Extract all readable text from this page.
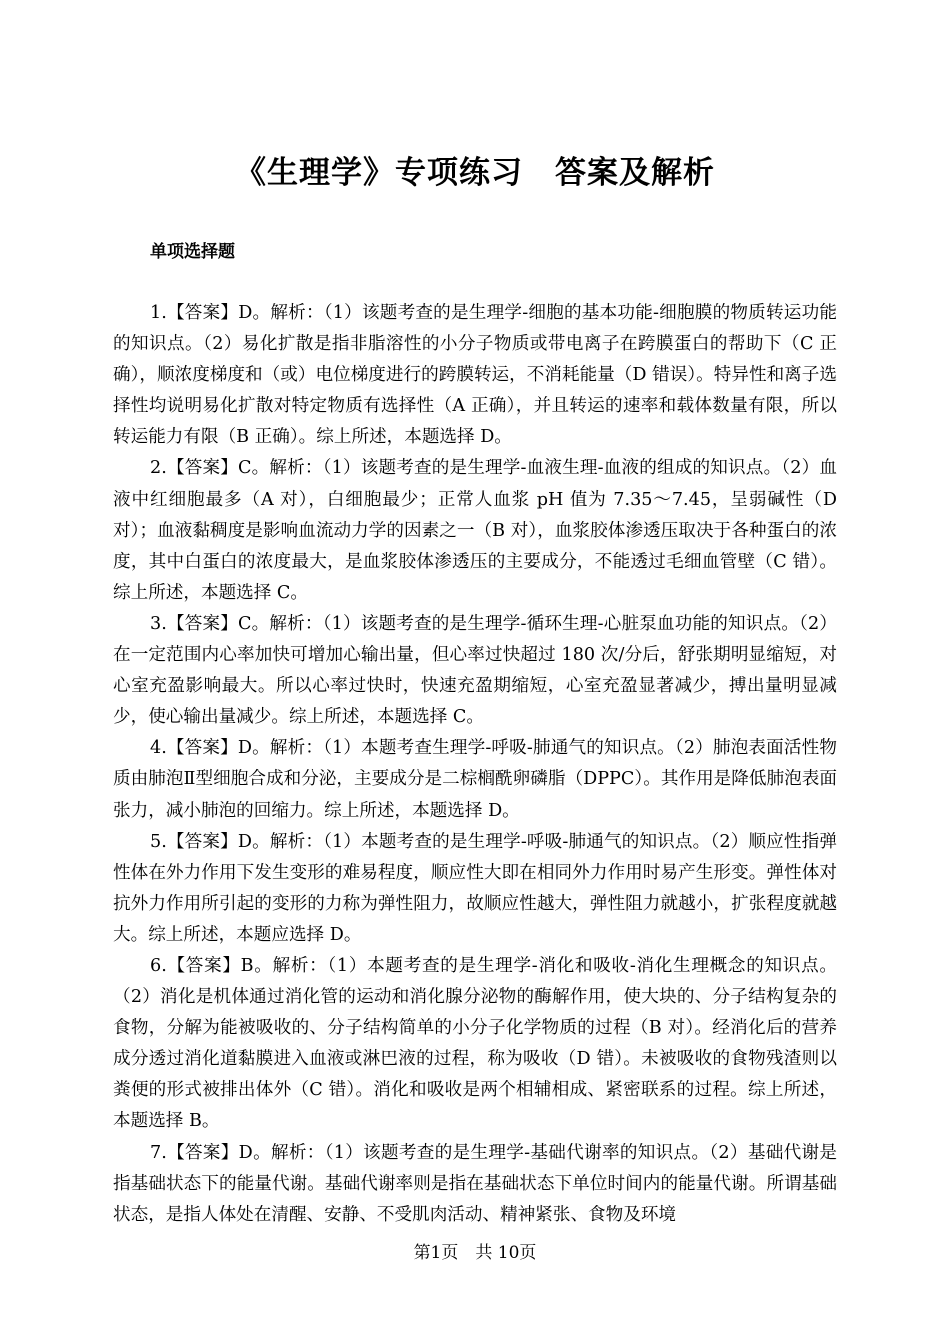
《生理学》专项练习　答案及解析
单项选择题

1.【答案】D。解析：（1）该题考查的是生理学-细胞的基本功能-细胞膜的物质转运功能的知识点。（2）易化扩散是指非脂溶性的小分子物质或带电离子在跨膜蛋白的帮助下（C 正确），顺浓度梯度和（或）电位梯度进行的跨膜转运，不消耗能量（D 错误）。特异性和离子选择性均说明易化扩散对特定物质有选择性（A 正确），并且转运的速率和载体数量有限，所以转运能力有限（B 正确）。综上所述，本题选择 D。

2.【答案】C。解析：（1）该题考查的是生理学-血液生理-血液的组成的知识点。（2）血液中红细胞最多（A 对），白细胞最少；正常人血浆 pH 值为 7.35～7.45，呈弱碱性（D 对）；血液黏稠度是影响血流动力学的因素之一（B 对），血浆胶体渗透压取决于各种蛋白的浓度，其中白蛋白的浓度最大，是血浆胶体渗透压的主要成分，不能透过毛细血管壁（C 错）。综上所述，本题选择 C。

3.【答案】C。解析：（1）该题考查的是生理学-循环生理-心脏泵血功能的知识点。（2）在一定范围内心率加快可增加心输出量，但心率过快超过 180 次/分后，舒张期明显缩短，对心室充盈影响最大。所以心率过快时，快速充盈期缩短，心室充盈显著减少，搏出量明显减少，使心输出量减少。综上所述，本题选择 C。

4.【答案】D。解析：（1）本题考查生理学-呼吸-肺通气的知识点。（2）肺泡表面活性物质由肺泡Ⅱ型细胞合成和分泌，主要成分是二棕榈酰卵磷脂（DPPC）。其作用是降低肺泡表面张力，减小肺泡的回缩力。综上所述，本题选择 D。

5.【答案】D。解析：（1）本题考查的是生理学-呼吸-肺通气的知识点。（2）顺应性指弹性体在外力作用下发生变形的难易程度，顺应性大即在相同外力作用时易产生形变。弹性体对抗外力作用所引起的变形的力称为弹性阻力，故顺应性越大，弹性阻力就越小，扩张程度就越大。综上所述，本题应选择 D。

6.【答案】B。解析：（1）本题考查的是生理学-消化和吸收-消化生理概念的知识点。（2）消化是机体通过消化管的运动和消化腺分泌物的酶解作用，使大块的、分子结构复杂的食物，分解为能被吸收的、分子结构简单的小分子化学物质的过程（B 对）。经消化后的营养成分透过消化道黏膜进入血液或淋巴液的过程，称为吸收（D 错）。未被吸收的食物残渣则以粪便的形式被排出体外（C 错）。消化和吸收是两个相辅相成、紧密联系的过程。综上所述，本题选择 B。

7.【答案】D。解析：（1）该题考查的是生理学-基础代谢率的知识点。（2）基础代谢是指基础状态下的能量代谢。基础代谢率则是指在基础状态下单位时间内的能量代谢。所谓基础状态，是指人体处在清醒、安静、不受肌肉活动、精神紧张、食物及环境

第1页　共 10页
